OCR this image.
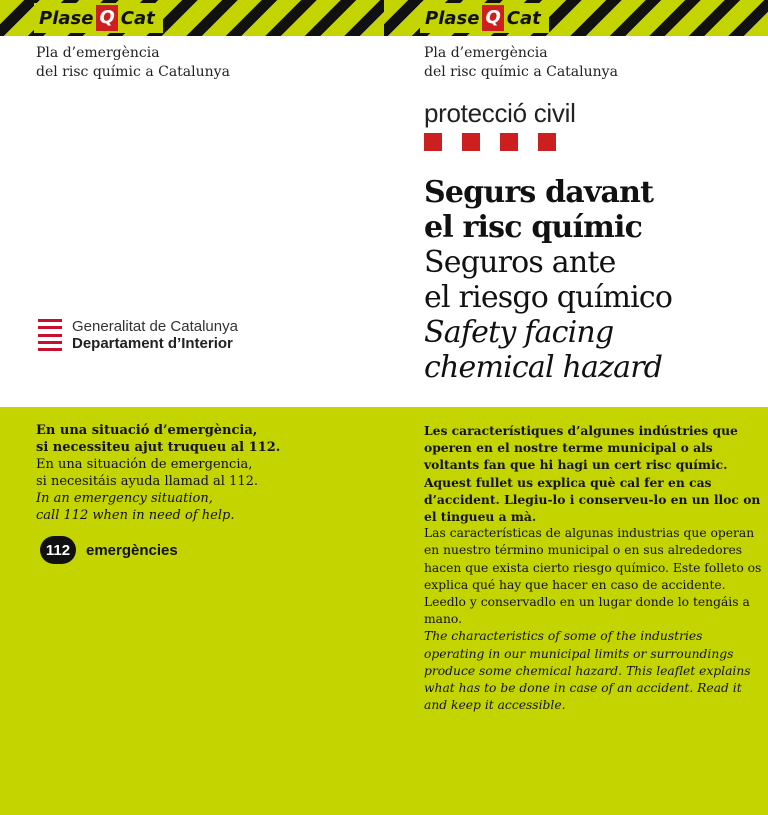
Plase Q Cat
Pla d’emergència
del risc químic a Catalunya
Generalitat de Catalunya
Departament d’Interior
En una situació d’emergència,
si necessiteu ajut truqueu al 112.
En una situación de emergencia,
si necesitáis ayuda llamad al 112.
In an emergency situation,
call 112 when in need of help.
112	emergències
Plase Q Cat
Pla d’emergència
del risc químic a Catalunya
protecció civil
Segurs davant
el risc químic
Seguros ante
el riesgo químico
Safety facing
chemical hazard

Les característiques d’algunes indústries que operen en el nostre terme municipal o als voltants fan que hi hagi un cert risc químic. Aquest fullet us explica què cal fer en cas d’accident. Llegiu-lo i conserveu-lo en un lloc on el tingueu a mà.

Las características de algunas industrias que operan en nuestro término municipal o en sus alrededores hacen que exista cierto riesgo químico. Este folleto os explica qué hay que hacer en caso de accidente. Leedlo y conservadlo en un lugar donde lo tengáis a mano.

The characteristics of some of the industries operating in our municipal limits or surroundings produce some chemical hazard. This leaflet explains what has to be done in case of an accident. Read it and keep it accessible.
